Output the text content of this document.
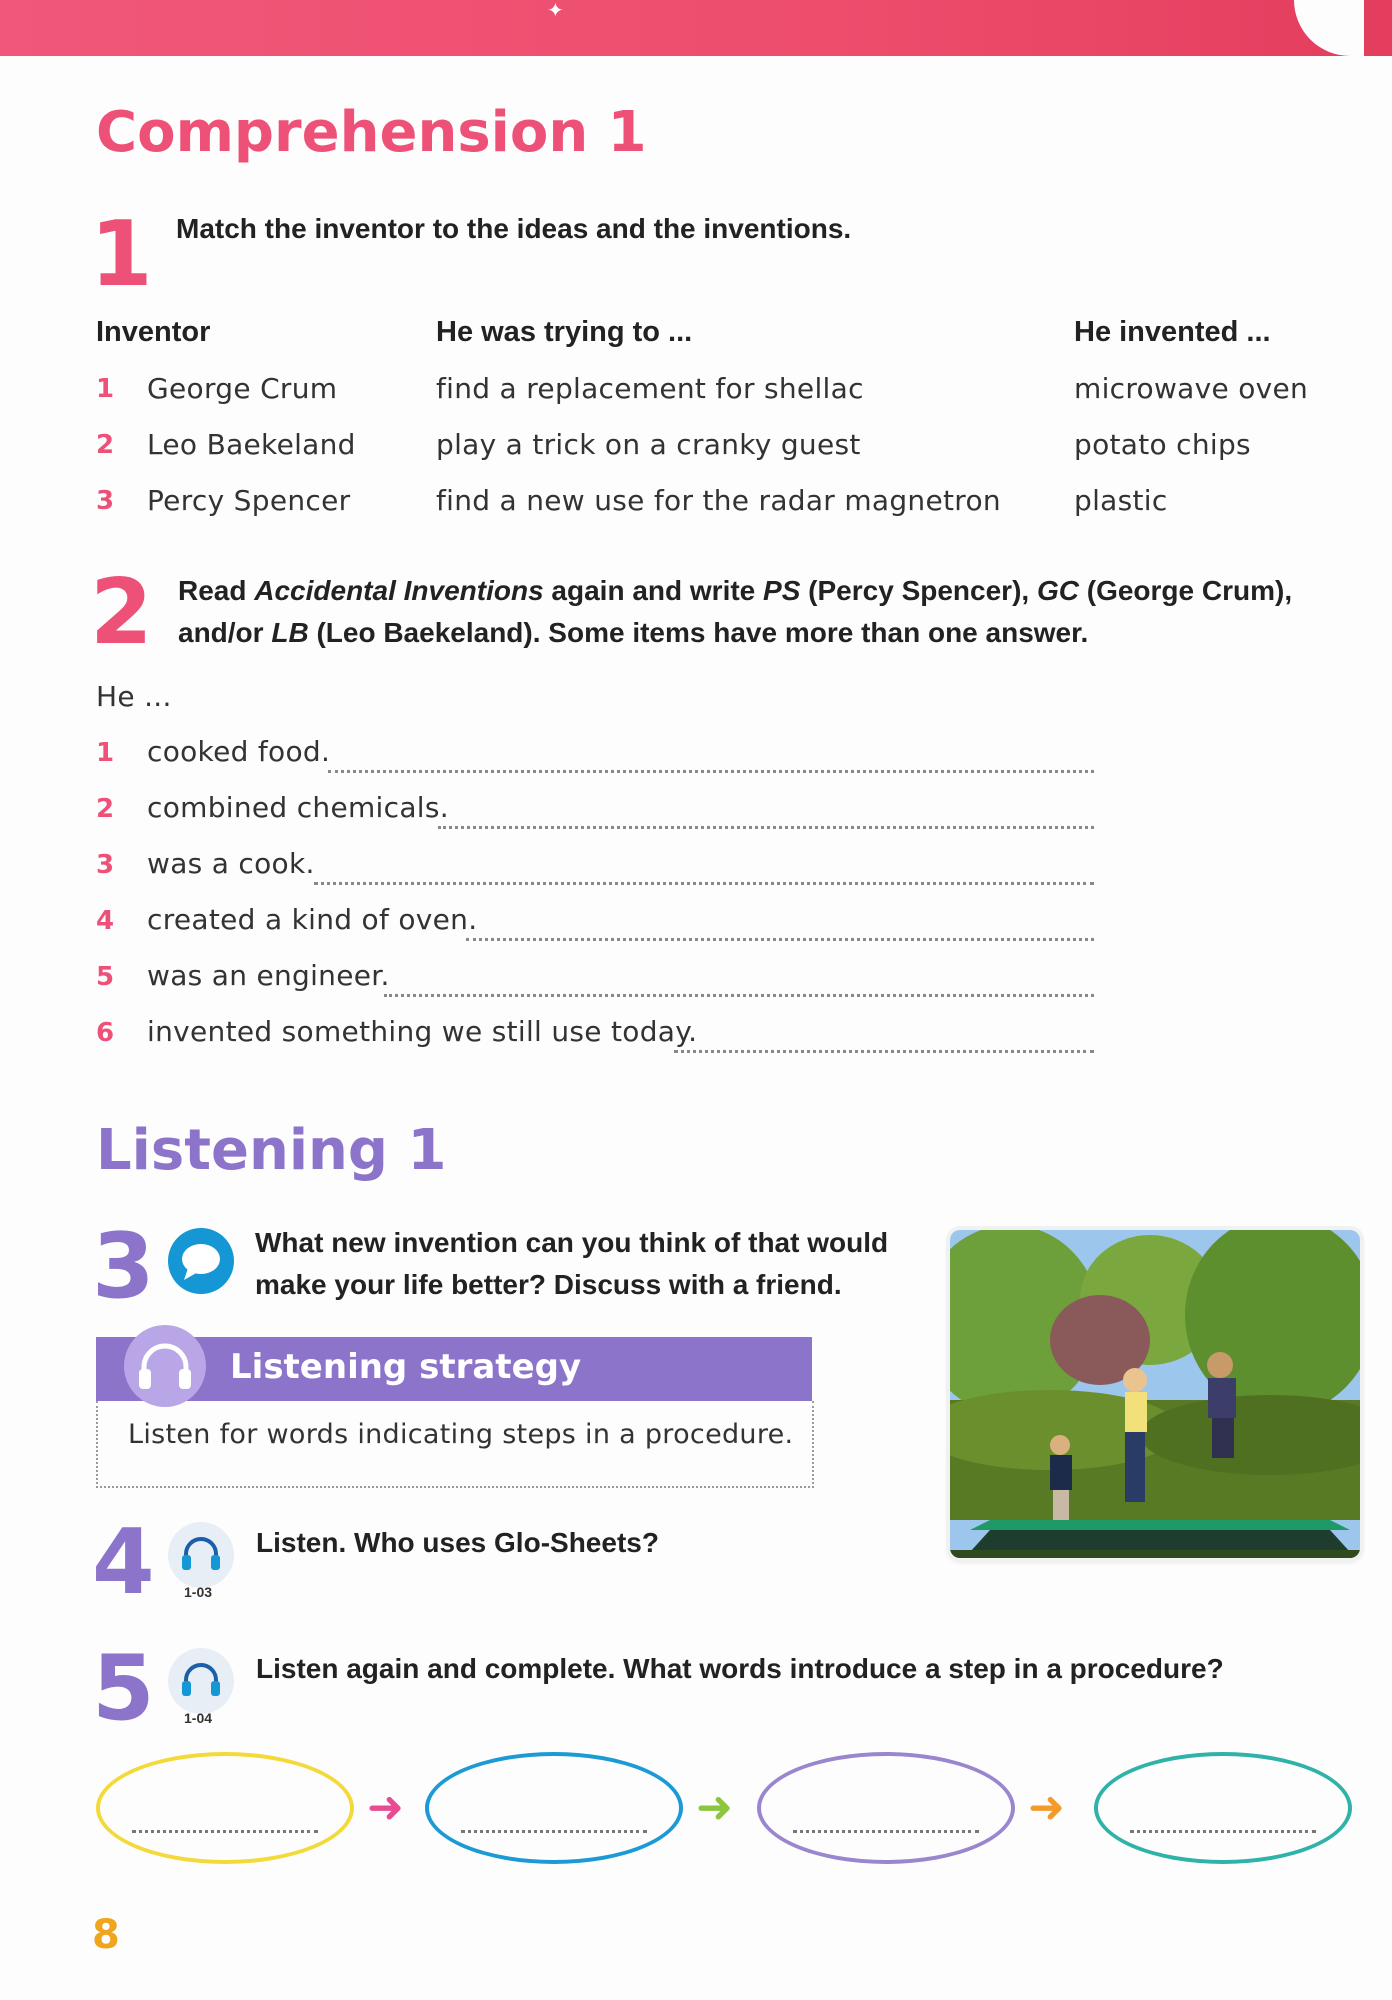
✦
Comprehension 1
1 Match the inventor to the ideas and the inventions.
Inventor	He was trying to ...	He invented ...
1 George Crum	find a replacement for shellac	microwave oven
2 Leo Baekeland	play a trick on a cranky guest	potato chips
3 Percy Spencer	find a new use for the radar magnetron	plastic
2 Read Accidental Inventions again and write PS (Percy Spencer), GC (George Crum),
and/or LB (Leo Baekeland). Some items have more than one answer.
He ...
1 cooked food.
2 combined chemicals.
3 was a cook.
4 created a kind of oven.
5 was an engineer.
6 invented something we still use today.
Listening 1
3	What new invention can you think of that would
make your life better? Discuss with a friend.
Listening strategy
Listen for words indicating steps in a procedure.
4 1-03
Listen. Who uses Glo-Sheets?
5 1-04
Listen again and complete. What words introduce a step in a procedure?
➜	➜	➜
8
